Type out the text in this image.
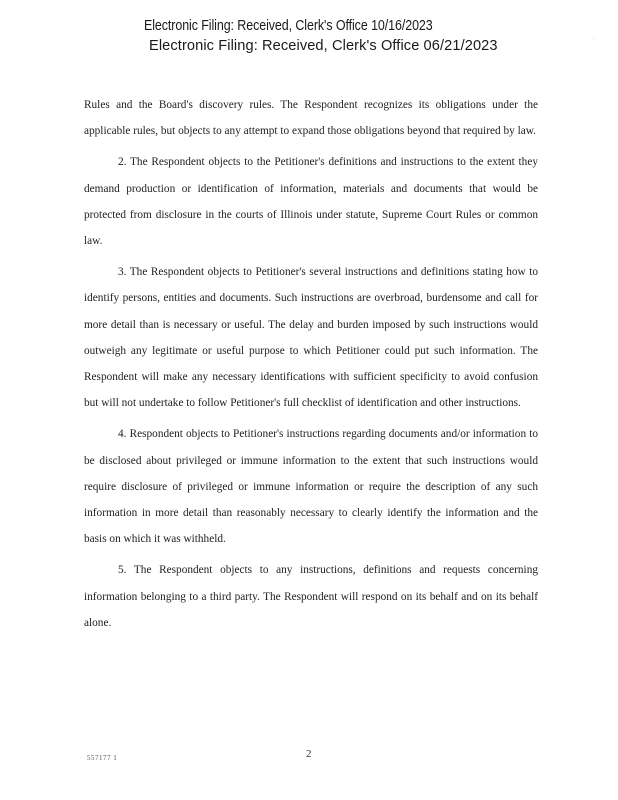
Electronic Filing: Received, Clerk's Office 10/16/2023
Electronic Filing: Received, Clerk's Office 06/21/2023	·

Rules and the Board's discovery rules. The Respondent recognizes its obligations under the applicable rules, but objects to any attempt to expand those obligations beyond that required by law.

2. The Respondent objects to the Petitioner's definitions and instructions to the extent they demand production or identification of information, materials and documents that would be protected from disclosure in the courts of Illinois under statute, Supreme Court Rules or common law.

3. The Respondent objects to Petitioner's several instructions and definitions stating how to identify persons, entities and documents. Such instructions are overbroad, burdensome and call for more detail than is necessary or useful. The delay and burden imposed by such instructions would outweigh any legitimate or useful purpose to which Petitioner could put such information. The Respondent will make any necessary identifications with sufficient specificity to avoid confusion but will not undertake to follow Petitioner's full checklist of identification and other instructions.

4. Respondent objects to Petitioner's instructions regarding documents and/or information to be disclosed about privileged or immune information to the extent that such instructions would require disclosure of privileged or immune information or require the description of any such information in more detail than reasonably necessary to clearly identify the information and the basis on which it was withheld.

5. The Respondent objects to any instructions, definitions and requests concerning information belonging to a third party. The Respondent will respond on its behalf and on its behalf alone.

557177 1	2
